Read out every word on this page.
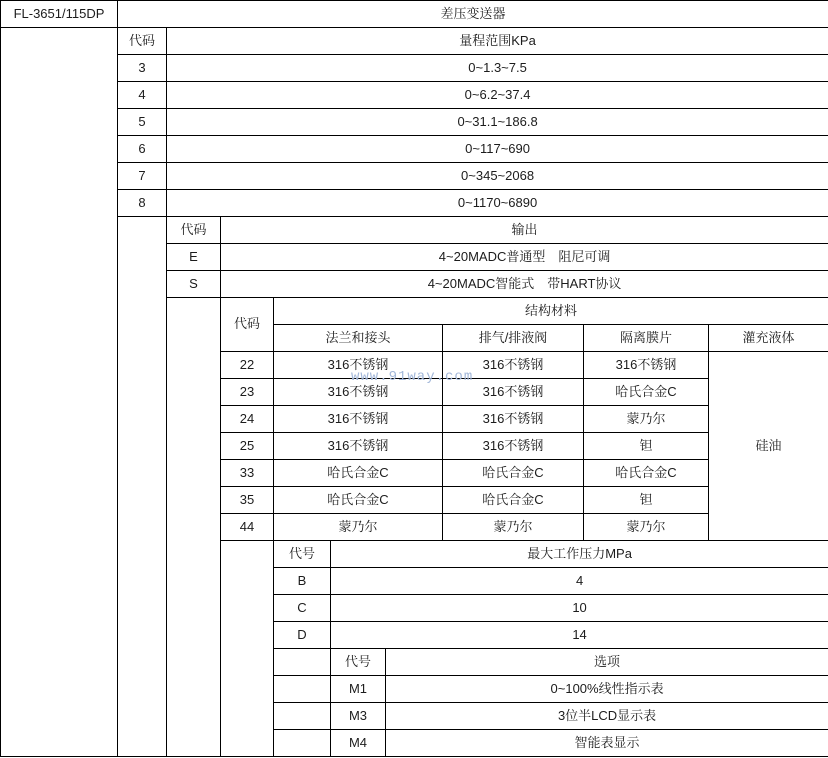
FL-3651/115DP	差压变送器								
	代码	量程范围KPa							
	3	0~1.3~7.5							
	4	0~6.2~37.4							
	5	0~31.1~186.8							
	6	0~117~690							
	7	0~345~2068							
	8	0~1170~6890							
		代码	输出						
		E	4~20MADC普通型　阻尼可调						
		S	4~20MADC智能式　带HART协议						
			代码	结构材料					
				法兰和接头			排气/排液阀	隔离膜片	灌充液体
			22	316不锈钢			316不锈钢	316不锈钢	硅油
			23	316不锈钢			316不锈钢	哈氏合金C	
			24	316不锈钢			316不锈钢	蒙乃尔	
			25	316不锈钢			316不锈钢	钽	
			33	哈氏合金C			哈氏合金C	哈氏合金C	
			35	哈氏合金C			哈氏合金C	钽	
			44	蒙乃尔			蒙乃尔	蒙乃尔	
				代号	最大工作压力MPa				
				B	4				
				C	10				
				D	14				
					代号	选项			
					M1	0~100%线性指示表			
					M3	3位半LCD显示表			
					M4	智能表显示			
www.91way.com
